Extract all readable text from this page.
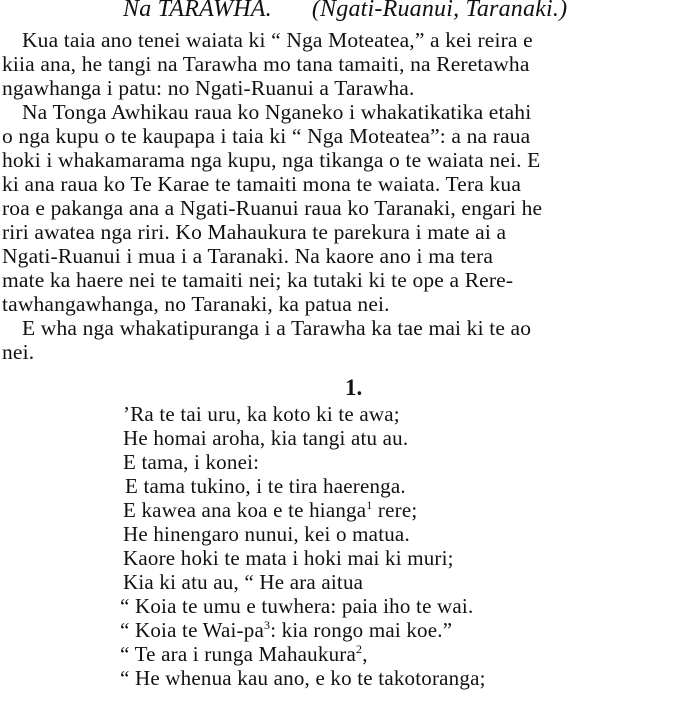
Na TARAWHA. (Ngati-Ruanui, Taranaki.)
Kua taia ano tenei waiata ki “ Nga Moteatea,” a kei reira e
kiia ana, he tangi na Tarawha mo tana tamaiti, na Reretawha
ngawhanga i patu: no Ngati-Ruanui a Tarawha.
Na Tonga Awhikau raua ko Nganeko i whakatikatika etahi
o nga kupu o te kaupapa i taia ki “ Nga Moteatea”: a na raua
hoki i whakamarama nga kupu, nga tikanga o te waiata nei. E
ki ana raua ko Te Karae te tamaiti mona te waiata. Tera kua
roa e pakanga ana a Ngati-Ruanui raua ko Taranaki, engari he
riri awatea nga riri. Ko Mahaukura te parekura i mate ai a
Ngati-Ruanui i mua i a Taranaki. Na kaore ano i ma tera
mate ka haere nei te tamaiti nei; ka tutaki ki te ope a Rere-
tawhangawhanga, no Taranaki, ka patua nei.
E wha nga whakatipuranga i a Tarawha ka tae mai ki te ao
nei.
1.
’Ra te tai uru, ka koto ki te awa;
He homai aroha, kia tangi atu au.
E tama, i konei:
E tama tukino, i te tira haerenga.
E kawea ana koa e te hianga$^1$ rere;
He hinengaro nunui, kei o matua.
Kaore hoki te mata i hoki mai ki muri;
Kia ki atu au, “ He ara aitua
“ Koia te umu e tuwhera: paia iho te wai.
“ Koia te Wai-$pa^3$: kia rongo mai koe.”
“ Te ara i runga Mahaukura$^2$,
“ He whenua kau ano, e ko te takotoranga;
